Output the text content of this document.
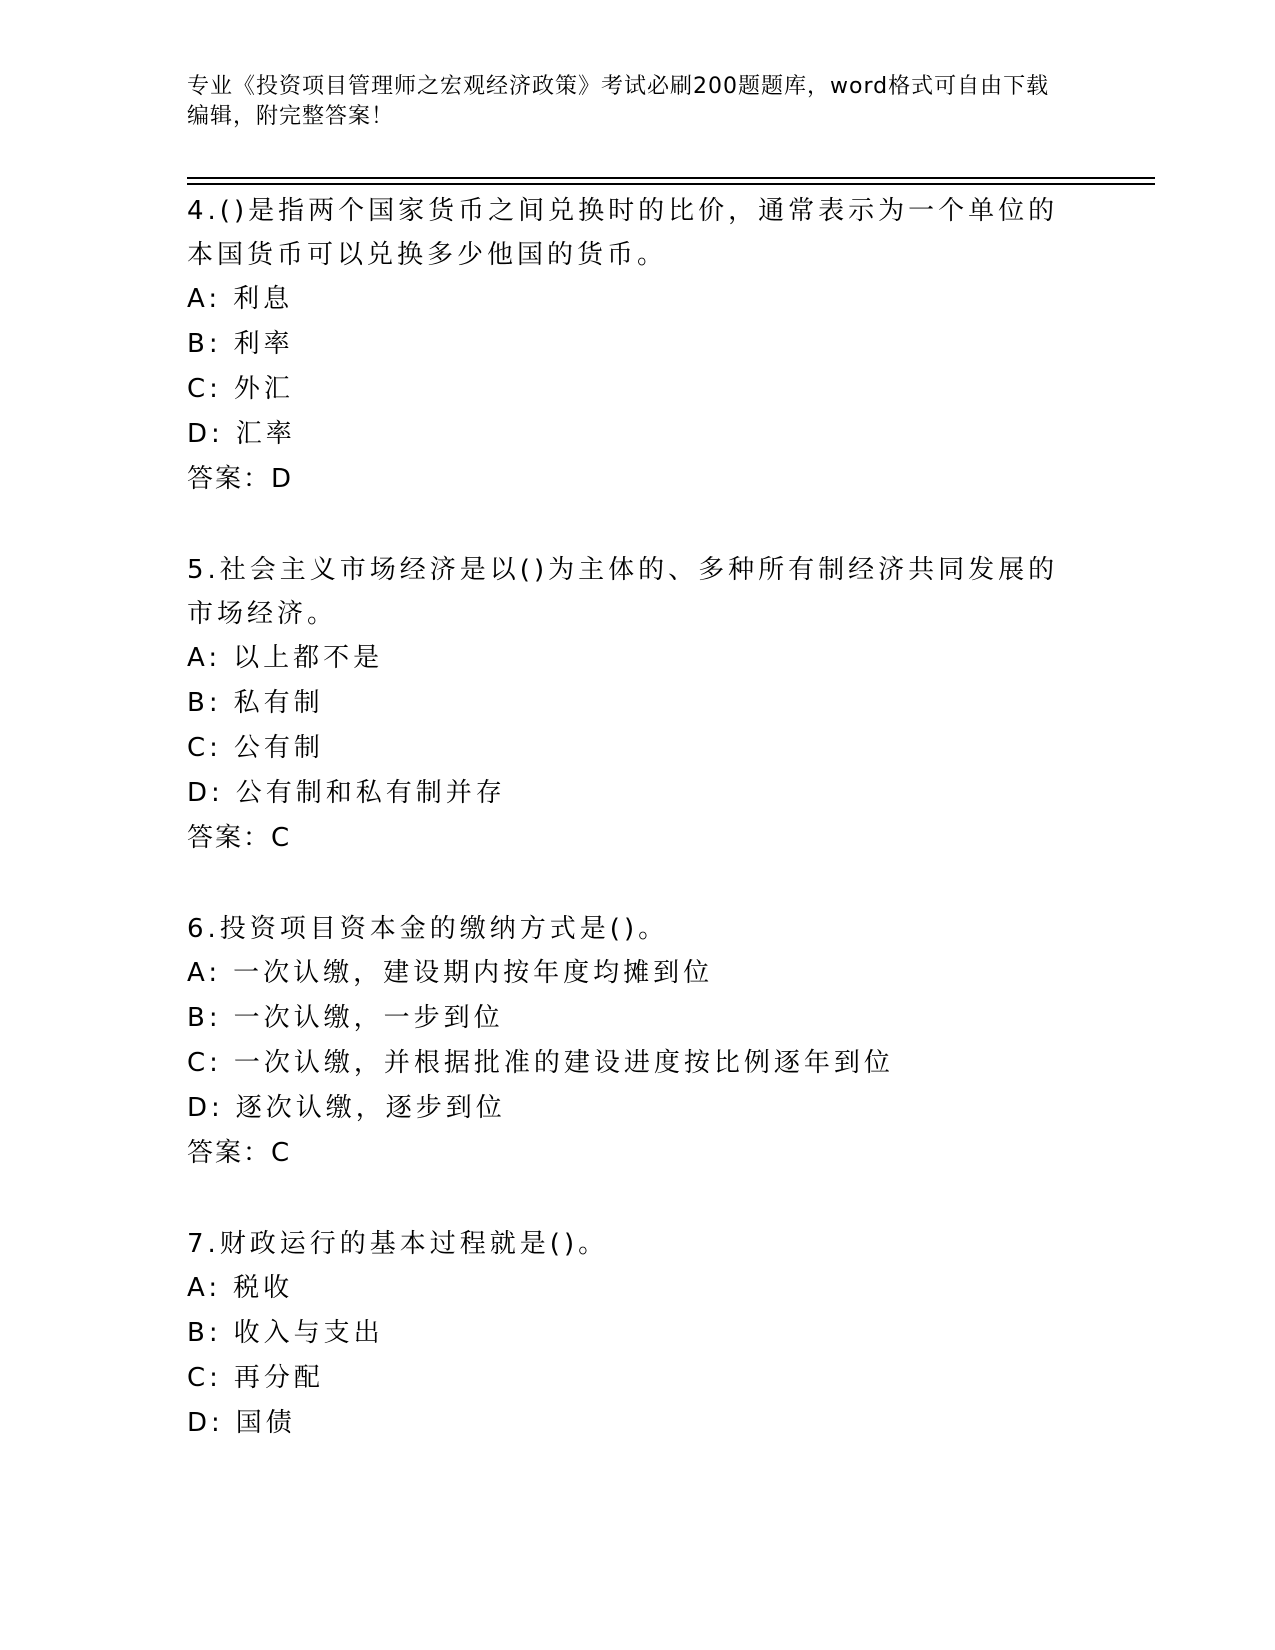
专业《投资项目管理师之宏观经济政策》考试必刷200题题库，word格式可自由下载编辑，附完整答案！

4.()是指两个国家货币之间兑换时的比价，通常表示为一个单位的本国货币可以兑换多少他国的货币。

A: 利息

B: 利率

C: 外汇

D: 汇率

答案：D

5.社会主义市场经济是以()为主体的、多种所有制经济共同发展的市场经济。

A: 以上都不是

B: 私有制

C: 公有制

D: 公有制和私有制并存

答案：C

6.投资项目资本金的缴纳方式是()。

A: 一次认缴，建设期内按年度均摊到位

B: 一次认缴，一步到位

C: 一次认缴，并根据批准的建设进度按比例逐年到位

D: 逐次认缴，逐步到位

答案：C

7.财政运行的基本过程就是()。

A: 税收

B: 收入与支出

C: 再分配

D: 国债
